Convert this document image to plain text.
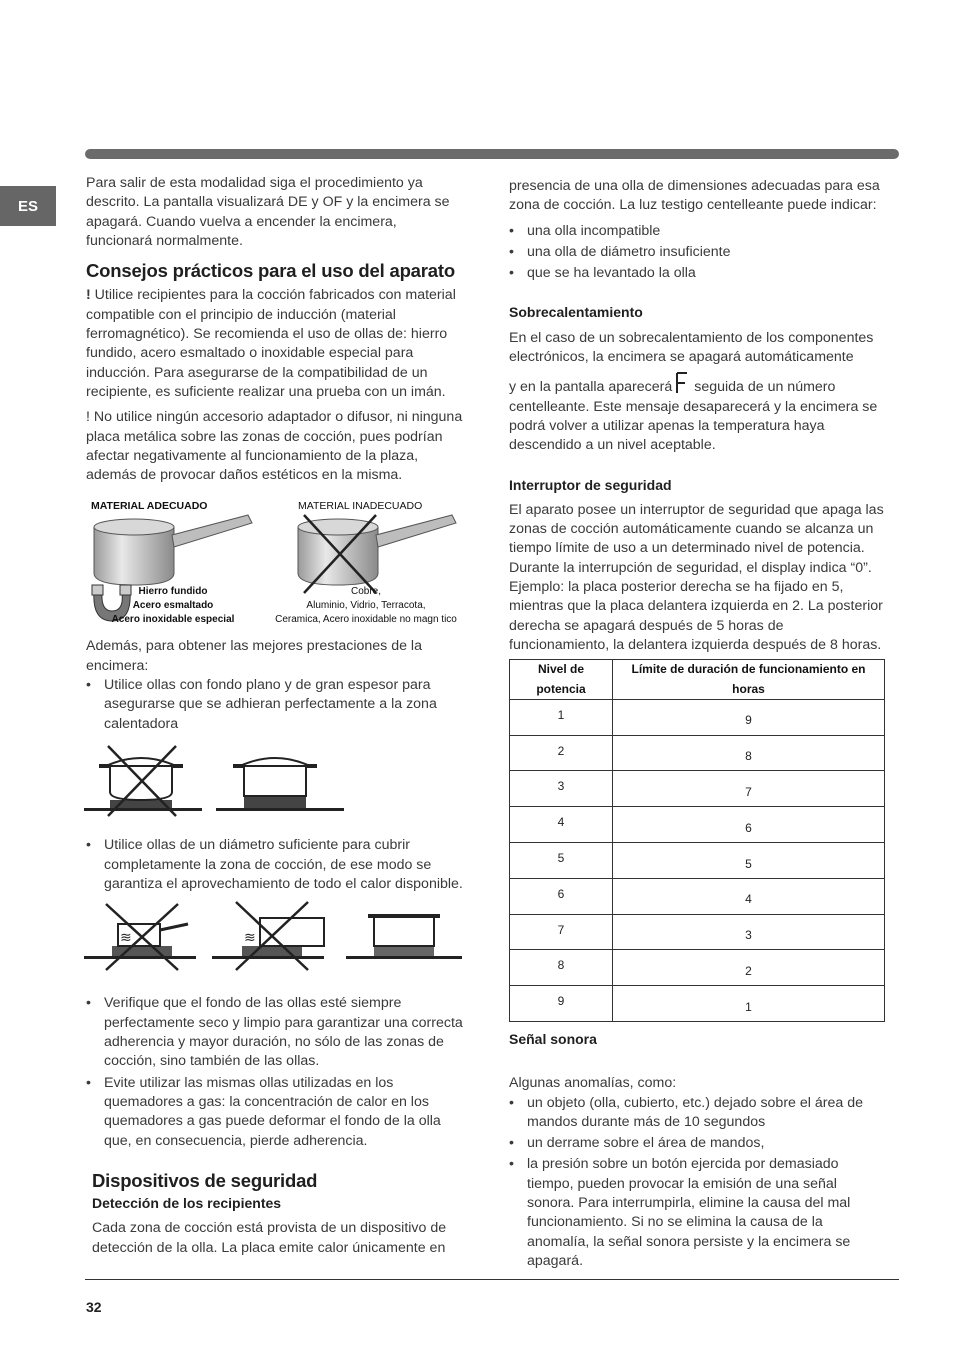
ES

Para salir de esta modalidad siga el procedimiento ya descrito. La pantalla visualizará DE y OF y la encimera se apagará. Cuando vuelva a encender la encimera, funcionará normalmente.

Consejos prácticos para el uso del aparato

! Utilice recipientes para la cocción fabricados con material compatible con el principio de inducción (material ferromagnético). Se recomienda el uso de ollas de: hierro fundido, acero esmaltado o inoxidable especial para inducción. Para asegurarse de la compatibilidad de un recipiente, es suficiente realizar una prueba con un imán.

! No utilice ningún accesorio adaptador o difusor, ni ninguna placa metálica sobre las zonas de cocción, pues podrían afectar negativamente al funcionamiento de la plaza, además de provocar daños estéticos en la misma.

MATERIAL ADECUADO	MATERIAL INADECUADO
Hierro fundido
Acero esmaltado
Acero inoxidable especial
Cobre,
Aluminio, Vidrio, Terracota,
Ceramica, Acero inoxidable no magn tico

Además, para obtener las mejores prestaciones de la encimera:

• Utilice ollas con fondo plano y de gran espesor para asegurarse que se adhieran perfectamente a la zona calentadora
• Utilice ollas de un diámetro suficiente para cubrir completamente la zona de cocción, de ese modo se garantiza el aprovechamiento de todo el calor disponible.
≋	≋
• Verifique que el fondo de las ollas esté siempre perfectamente seco y limpio para garantizar una correcta adherencia y mayor duración, no sólo de las zonas de cocción, sino también de las ollas.
• Evite utilizar las mismas ollas utilizadas en los quemadores a gas: la concentración de calor en los quemadores a gas puede deformar el fondo de la olla que, en consecuencia, pierde adherencia.
Dispositivos de seguridad
Detección de los recipientes

Cada zona de cocción está provista de un dispositivo de detección de la olla. La placa emite calor únicamente en

presencia de una olla de dimensiones adecuadas para esa zona de cocción. La luz testigo centelleante puede indicar:

• una olla incompatible
• una olla de diámetro insuficiente
• que se ha levantado la olla
Sobrecalentamiento

En el caso de un sobrecalentamiento de los componentes electrónicos, la encimera se apagará automáticamente

y en la pantalla aparecerá seguida de un número centelleante. Este mensaje desaparecerá y la encimera se podrá volver a utilizar apenas la temperatura haya descendido a un nivel aceptable.

Interruptor de seguridad

El aparato posee un interruptor de seguridad que apaga las zonas de cocción automáticamente cuando se alcanza un tiempo límite de uso a un determinado nivel de potencia. Durante la interrupción de seguridad, el display indica “0”.

Ejemplo: la placa posterior derecha se ha fijado en 5, mientras que la placa delantera izquierda en 2. La posterior derecha se apagará después de 5 horas de funcionamiento, la delantera izquierda después de 8 horas.

Nivel de potencia	Límite de duración de funcionamiento en horas
1	9
2	8
3	7
4	6
5	5
6	4
7	3
8	2
9	1
Señal sonora

Algunas anomalías, como:

• un objeto (olla, cubierto, etc.) dejado sobre el área de mandos durante más de 10 segundos
• un derrame sobre el área de mandos,
• la presión sobre un botón ejercida por demasiado tiempo, pueden provocar la emisión de una señal sonora. Para interrumpirla, elimine la causa del mal funcionamiento. Si no se elimina la causa de la anomalía, la señal sonora persiste y la encimera se apagará.
32
